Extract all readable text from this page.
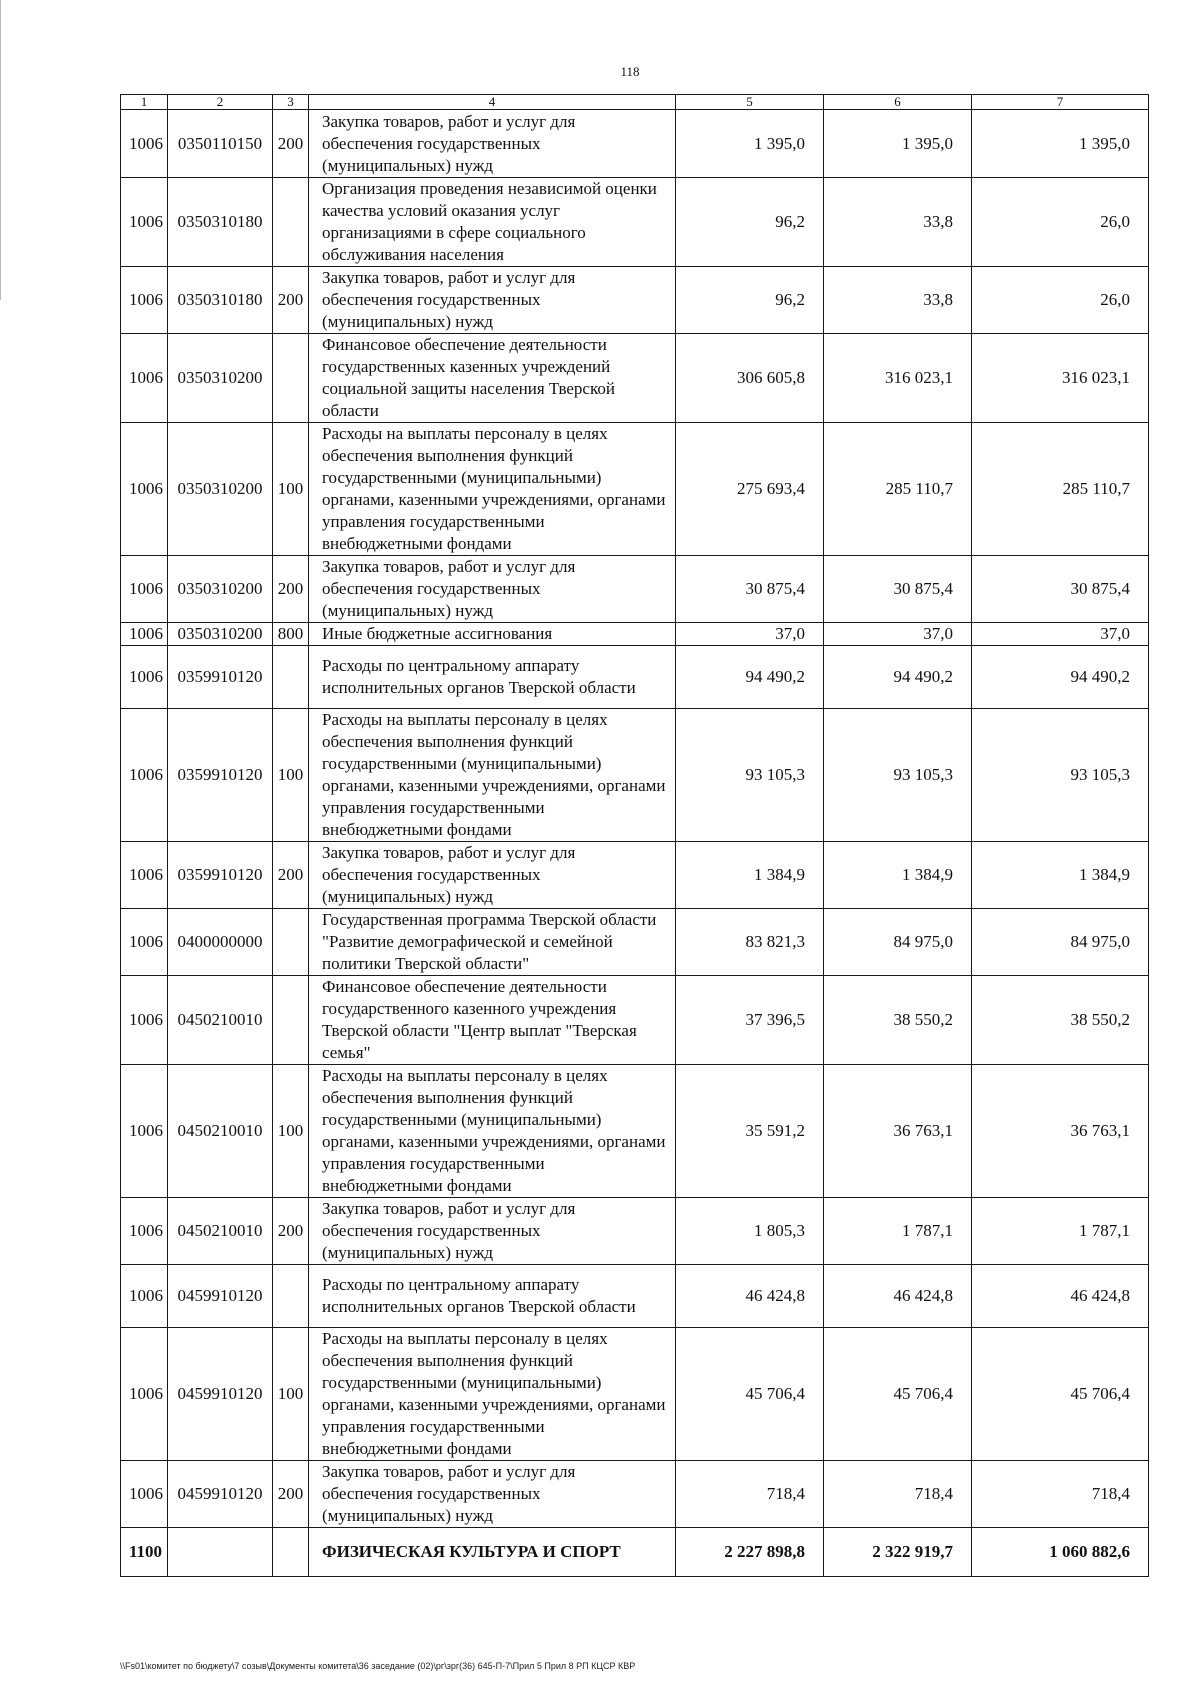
118
1	2	3	4	5	6	7
1006	0350110150	200	Закупка товаров, работ и услуг для обеспечения государственных (муниципальных) нужд	1 395,0	1 395,0	1 395,0
1006	0350310180		Организация проведения независимой оценки качества условий оказания услуг организациями в сфере социального обслуживания населения	96,2	33,8	26,0
1006	0350310180	200	Закупка товаров, работ и услуг для обеспечения государственных (муниципальных) нужд	96,2	33,8	26,0
1006	0350310200		Финансовое обеспечение деятельности государственных казенных учреждений социальной защиты населения Тверской области	306 605,8	316 023,1	316 023,1
1006	0350310200	100	Расходы на выплаты персоналу в целях обеспечения выполнения функций государственными (муниципальными) органами, казенными учреждениями, органами управления государственными внебюджетными фондами	275 693,4	285 110,7	285 110,7
1006	0350310200	200	Закупка товаров, работ и услуг для обеспечения государственных (муниципальных) нужд	30 875,4	30 875,4	30 875,4
1006	0350310200	800	Иные бюджетные ассигнования	37,0	37,0	37,0
1006	0359910120		Расходы по центральному аппарату исполнительных органов Тверской области	94 490,2	94 490,2	94 490,2
1006	0359910120	100	Расходы на выплаты персоналу в целях обеспечения выполнения функций государственными (муниципальными) органами, казенными учреждениями, органами управления государственными внебюджетными фондами	93 105,3	93 105,3	93 105,3
1006	0359910120	200	Закупка товаров, работ и услуг для обеспечения государственных (муниципальных) нужд	1 384,9	1 384,9	1 384,9
1006	0400000000		Государственная программа Тверской области "Развитие демографической и семейной политики Тверской области"	83 821,3	84 975,0	84 975,0
1006	0450210010		Финансовое обеспечение деятельности государственного казенного учреждения Тверской области "Центр выплат "Тверская семья"	37 396,5	38 550,2	38 550,2
1006	0450210010	100	Расходы на выплаты персоналу в целях обеспечения выполнения функций государственными (муниципальными) органами, казенными учреждениями, органами управления государственными внебюджетными фондами	35 591,2	36 763,1	36 763,1
1006	0450210010	200	Закупка товаров, работ и услуг для обеспечения государственных (муниципальных) нужд	1 805,3	1 787,1	1 787,1
1006	0459910120		Расходы по центральному аппарату исполнительных органов Тверской области	46 424,8	46 424,8	46 424,8
1006	0459910120	100	Расходы на выплаты персоналу в целях обеспечения выполнения функций государственными (муниципальными) органами, казенными учреждениями, органами управления государственными внебюджетными фондами	45 706,4	45 706,4	45 706,4
1006	0459910120	200	Закупка товаров, работ и услуг для обеспечения государственных (муниципальных) нужд	718,4	718,4	718,4
1100			ФИЗИЧЕСКАЯ КУЛЬТУРА И СПОРТ	2 227 898,8	2 322 919,7	1 060 882,6
\\Fs01\комитет по бюджету\7 созыв\Документы комитета\36 заседание (02)\рг\зрг(36) 645-П-7\Прил 5 Прил 8 РП КЦСР КВР
